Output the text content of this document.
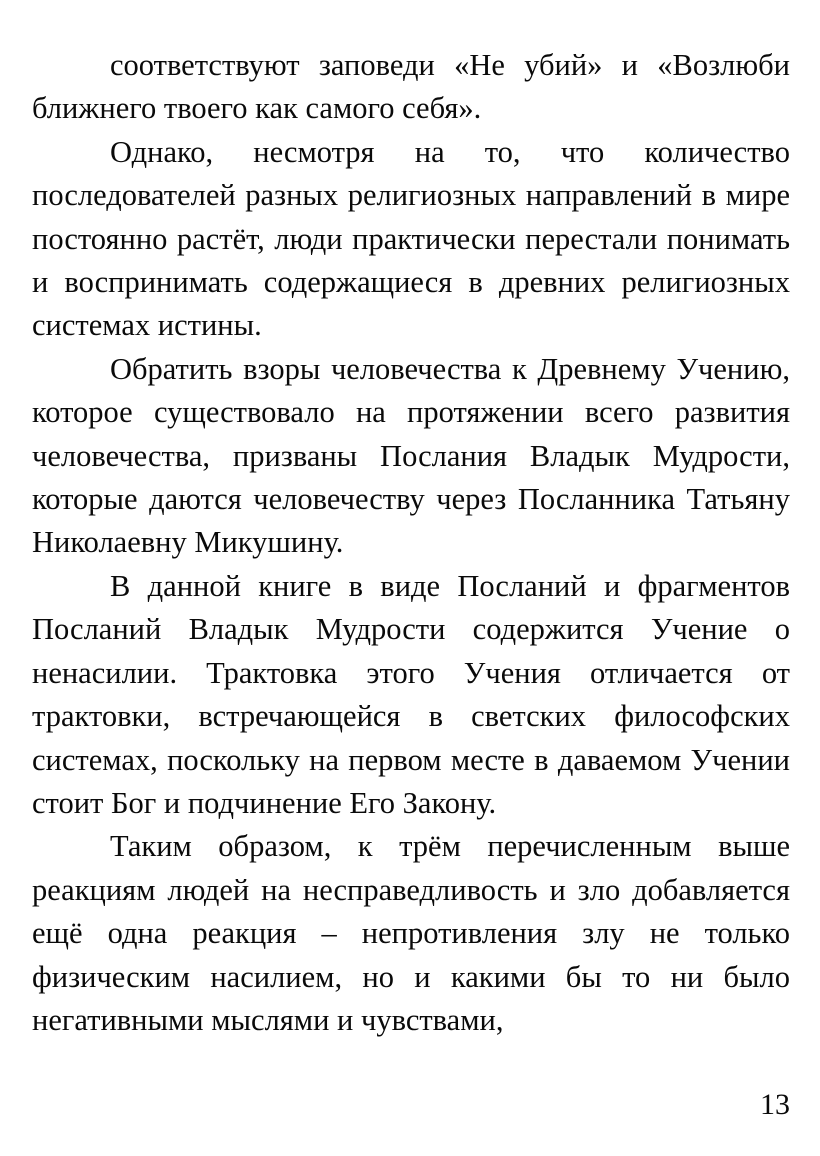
соответствуют заповеди «Не убий» и «Возлюби ближнего твоего как самого себя».

Однако, несмотря на то, что количество последователей разных религиозных направлений в мире постоянно растёт, люди практически перестали понимать и воспринимать содержащиеся в древних религиозных системах истины.

Обратить взоры человечества к Древнему Учению, которое существовало на протяжении всего развития человечества, призваны Послания Владык Мудрости, которые даются человечеству через Посланника Татьяну Николаевну Микушину.

В данной книге в виде Посланий и фрагментов Посланий Владык Мудрости содержится Учение о ненасилии. Трактовка этого Учения отличается от трактовки, встречающейся в светских философских системах, поскольку на первом месте в даваемом Учении стоит Бог и подчинение Его Закону.

Таким образом, к трём перечисленным выше реакциям людей на несправедливость и зло добавляется ещё одна реакция – непротивления злу не только физическим насилием, но и какими бы то ни было негативными мыслями и чувствами,

13
